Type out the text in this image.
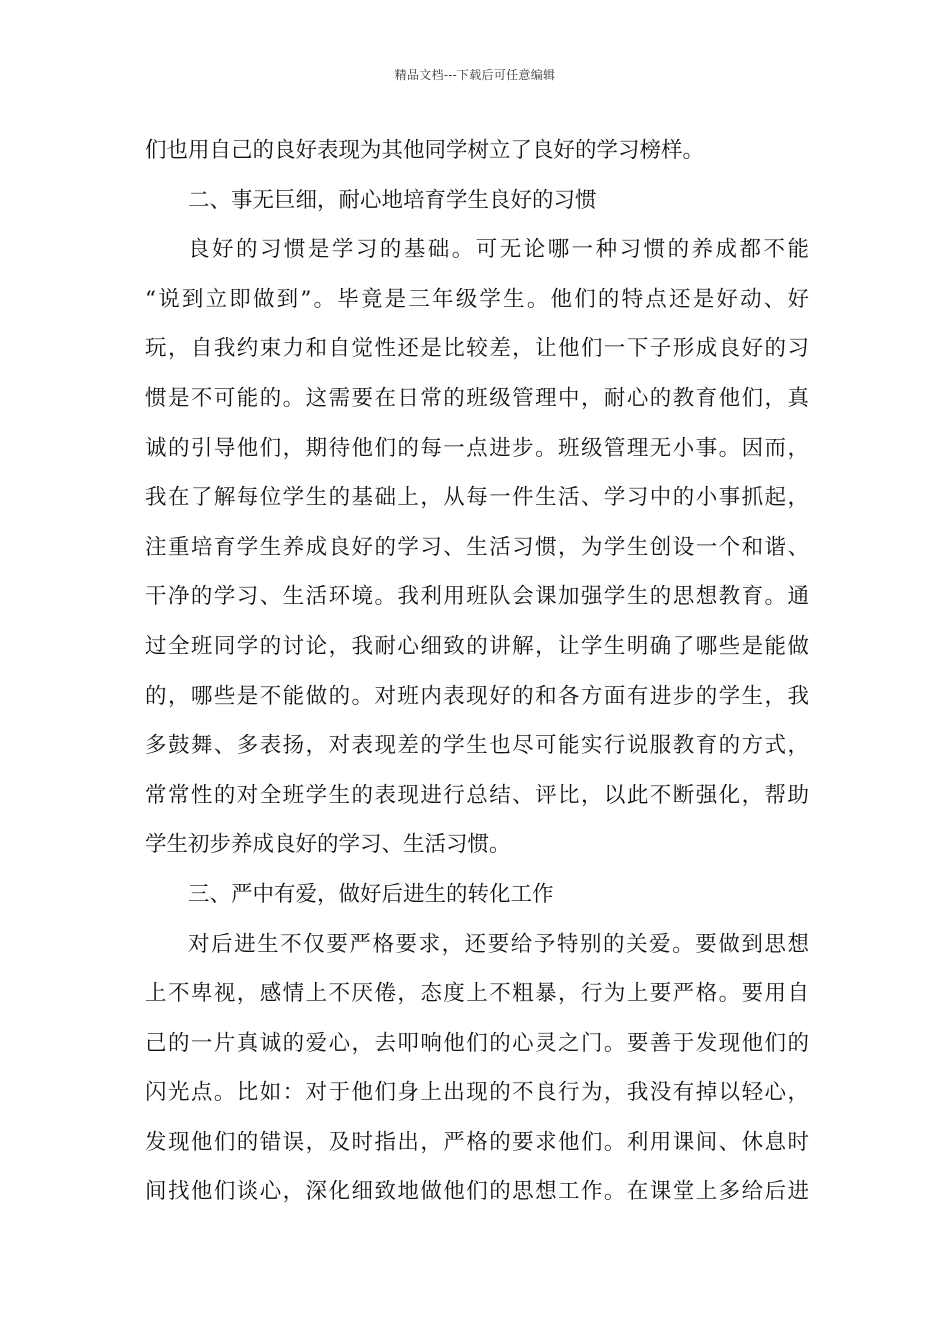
精品文档---下载后可任意编辑
们也用自己的良好表现为其他同学树立了良好的学习榜样。
二、事无巨细，耐心地培育学生良好的习惯
良好的习惯是学习的基础。可无论哪一种习惯的养成都不能
“说到立即做到”。毕竟是三年级学生。他们的特点还是好动、好
玩，自我约束力和自觉性还是比较差，让他们一下子形成良好的习
惯是不可能的。这需要在日常的班级管理中，耐心的教育他们，真
诚的引导他们，期待他们的每一点进步。班级管理无小事。因而，
我在了解每位学生的基础上，从每一件生活、学习中的小事抓起，
注重培育学生养成良好的学习、生活习惯，为学生创设一个和谐、
干净的学习、生活环境。我利用班队会课加强学生的思想教育。通
过全班同学的讨论，我耐心细致的讲解，让学生明确了哪些是能做
的，哪些是不能做的。对班内表现好的和各方面有进步的学生，我
多鼓舞、多表扬，对表现差的学生也尽可能实行说服教育的方式，
常常性的对全班学生的表现进行总结、评比，以此不断强化，帮助
学生初步养成良好的学习、生活习惯。
三、严中有爱，做好后进生的转化工作
对后进生不仅要严格要求，还要给予特别的关爱。要做到思想
上不卑视，感情上不厌倦，态度上不粗暴，行为上要严格。要用自
己的一片真诚的爱心，去叩响他们的心灵之门。要善于发现他们的
闪光点。比如：对于他们身上出现的不良行为，我没有掉以轻心，
发现他们的错误，及时指出，严格的要求他们。利用课间、休息时
间找他们谈心，深化细致地做他们的思想工作。在课堂上多给后进
